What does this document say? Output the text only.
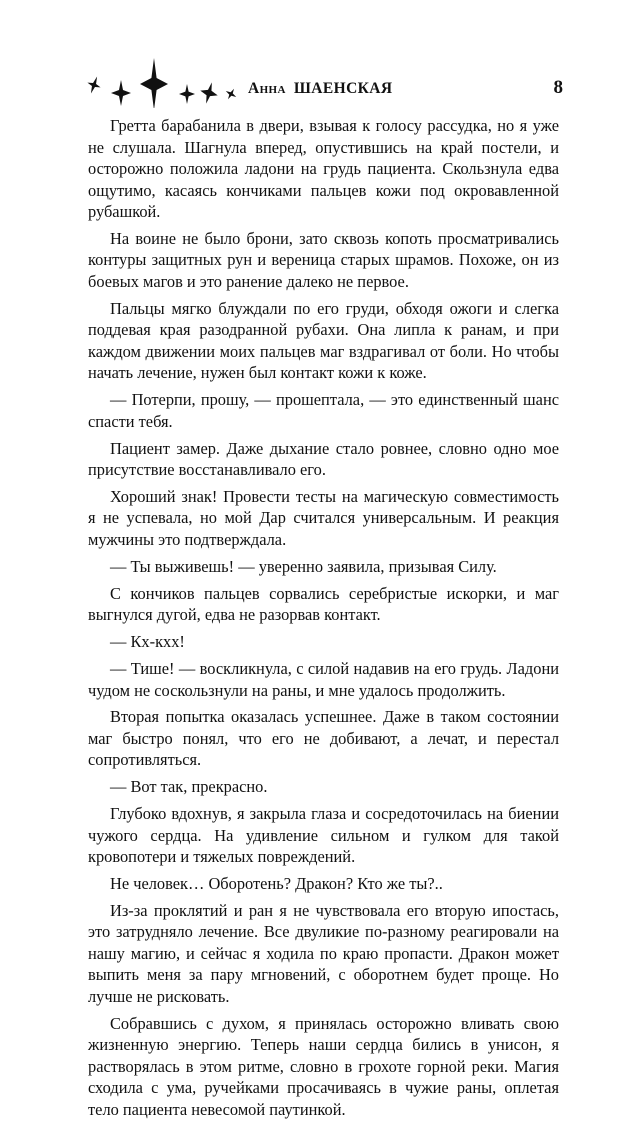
Анна ШАЕНСКАЯ	8

Гретта барабанила в двери, взывая к голосу рассудка, но я уже не слушала. Шагнула вперед, опустившись на край постели, и осторожно положила ладони на грудь пациента. Скользнула едва ощутимо, касаясь кончиками пальцев кожи под окровавленной рубашкой.

На воине не было брони, зато сквозь копоть просматривались контуры защитных рун и вереница старых шрамов. Похоже, он из боевых магов и это ранение далеко не первое.

Пальцы мягко блуждали по его груди, обходя ожоги и слегка поддевая края разодранной рубахи. Она липла к ранам, и при каждом движении моих пальцев маг вздрагивал от боли. Но чтобы начать лечение, нужен был контакт кожи к коже.

— Потерпи, прошу, — прошептала, — это единственный шанс спасти тебя.

Пациент замер. Даже дыхание стало ровнее, словно одно мое присутствие восстанавливало его.

Хороший знак! Провести тесты на магическую совместимость я не успевала, но мой Дар считался универсальным. И реакция мужчины это подтверждала.

— Ты выживешь! — уверенно заявила, призывая Силу.

С кончиков пальцев сорвались серебристые искорки, и маг выгнулся дугой, едва не разорвав контакт.

— Кх-кхх!

— Тише! — воскликнула, с силой надавив на его грудь. Ладони чудом не соскользнули на раны, и мне удалось продолжить.

Вторая попытка оказалась успешнее. Даже в таком состоянии маг быстро понял, что его не добивают, а лечат, и перестал сопротивляться.

— Вот так, прекрасно.

Глубоко вдохнув, я закрыла глаза и сосредоточилась на биении чужого сердца. На удивление сильном и гулком для такой кровопотери и тяжелых повреждений.

Не человек… Оборотень? Дракон? Кто же ты?..

Из-за проклятий и ран я не чувствовала его вторую ипостась, это затрудняло лечение. Все двуликие по-разному реагировали на нашу магию, и сейчас я ходила по краю пропасти. Дракон может выпить меня за пару мгновений, с оборотнем будет проще. Но лучше не рисковать.

Собравшись с духом, я принялась осторожно вливать свою жизненную энергию. Теперь наши сердца бились в унисон, я растворялась в этом ритме, словно в грохоте горной реки. Магия сходила с ума, ручейками просачиваясь в чужие раны, оплетая тело пациента невесомой паутинкой.
